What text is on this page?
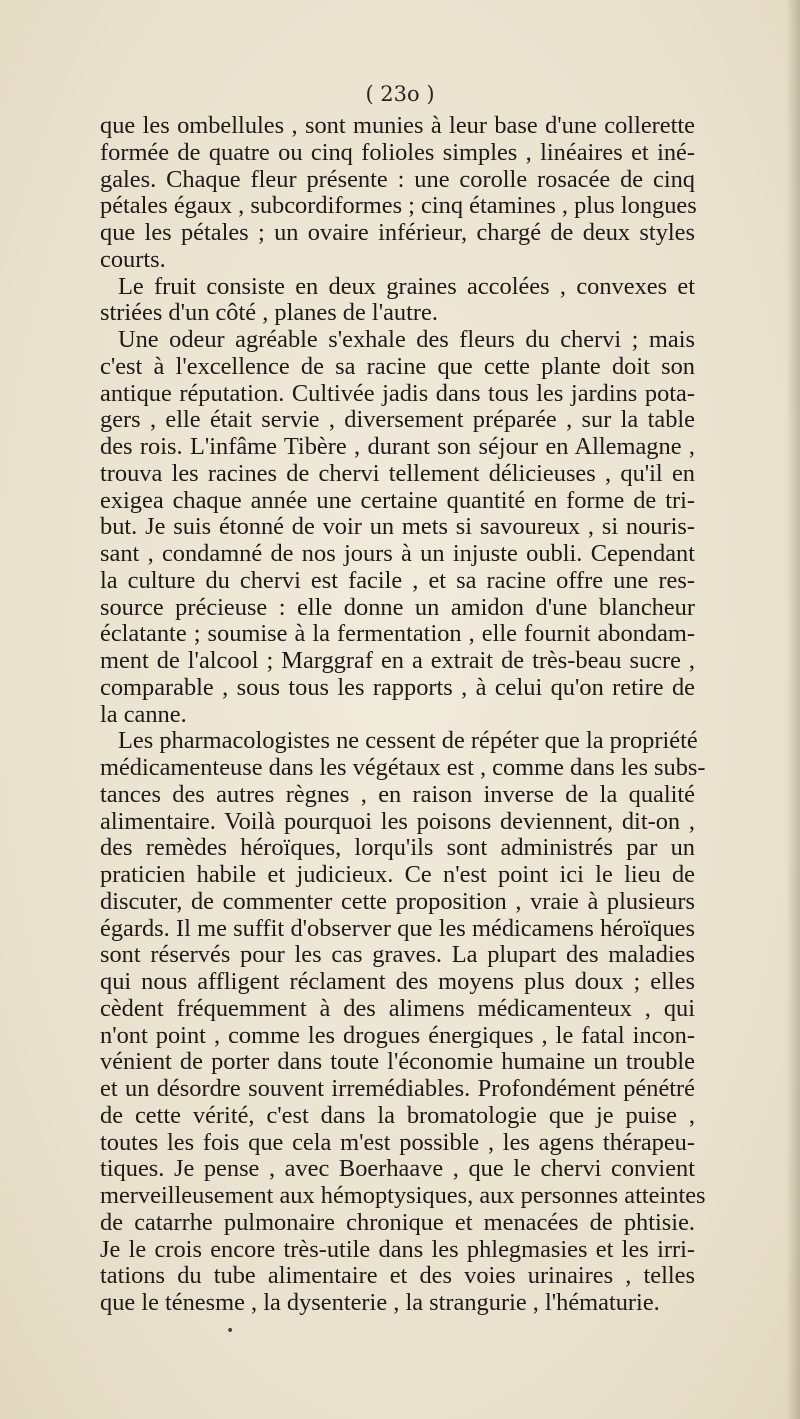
( 23o )
que les ombellules , sont munies à leur base d'une collerette
formée de quatre ou cinq folioles simples , linéaires et iné-
gales. Chaque fleur présente : une corolle rosacée de cinq
pétales égaux , subcordiformes ; cinq étamines , plus longues
que les pétales ; un ovaire inférieur, chargé de deux styles
courts.
Le fruit consiste en deux graines accolées , convexes et
striées d'un côté , planes de l'autre.
Une odeur agréable s'exhale des fleurs du chervi ; mais
c'est à l'excellence de sa racine que cette plante doit son
antique réputation. Cultivée jadis dans tous les jardins pota-
gers , elle était servie , diversement préparée , sur la table
des rois. L'infâme Tibère , durant son séjour en Allemagne ,
trouva les racines de chervi tellement délicieuses , qu'il en
exigea chaque année une certaine quantité en forme de tri-
but. Je suis étonné de voir un mets si savoureux , si nouris-
sant , condamné de nos jours à un injuste oubli. Cependant
la culture du chervi est facile , et sa racine offre une res-
source précieuse : elle donne un amidon d'une blancheur
éclatante ; soumise à la fermentation , elle fournit abondam-
ment de l'alcool ; Marggraf en a extrait de très-beau sucre ,
comparable , sous tous les rapports , à celui qu'on retire de
la canne.
Les pharmacologistes ne cessent de répéter que la propriété
médicamenteuse dans les végétaux est , comme dans les subs-
tances des autres règnes , en raison inverse de la qualité
alimentaire. Voilà pourquoi les poisons deviennent, dit-on ,
des remèdes héroïques, lorqu'ils sont administrés par un
praticien habile et judicieux. Ce n'est point ici le lieu de
discuter, de commenter cette proposition , vraie à plusieurs
égards. Il me suffit d'observer que les médicamens héroïques
sont réservés pour les cas graves. La plupart des maladies
qui nous affligent réclament des moyens plus doux ; elles
cèdent fréquemment à des alimens médicamenteux , qui
n'ont point , comme les drogues énergiques , le fatal incon-
vénient de porter dans toute l'économie humaine un trouble
et un désordre souvent irremédiables. Profondément pénétré
de cette vérité, c'est dans la bromatologie que je puise ,
toutes les fois que cela m'est possible , les agens thérapeu-
tiques. Je pense , avec Boerhaave , que le chervi convient
merveilleusement aux hémoptysiques, aux personnes atteintes
de catarrhe pulmonaire chronique et menacées de phtisie.
Je le crois encore très-utile dans les phlegmasies et les irri-
tations du tube alimentaire et des voies urinaires , telles
que le ténesme , la dysenterie , la strangurie , l'hématurie.
•
